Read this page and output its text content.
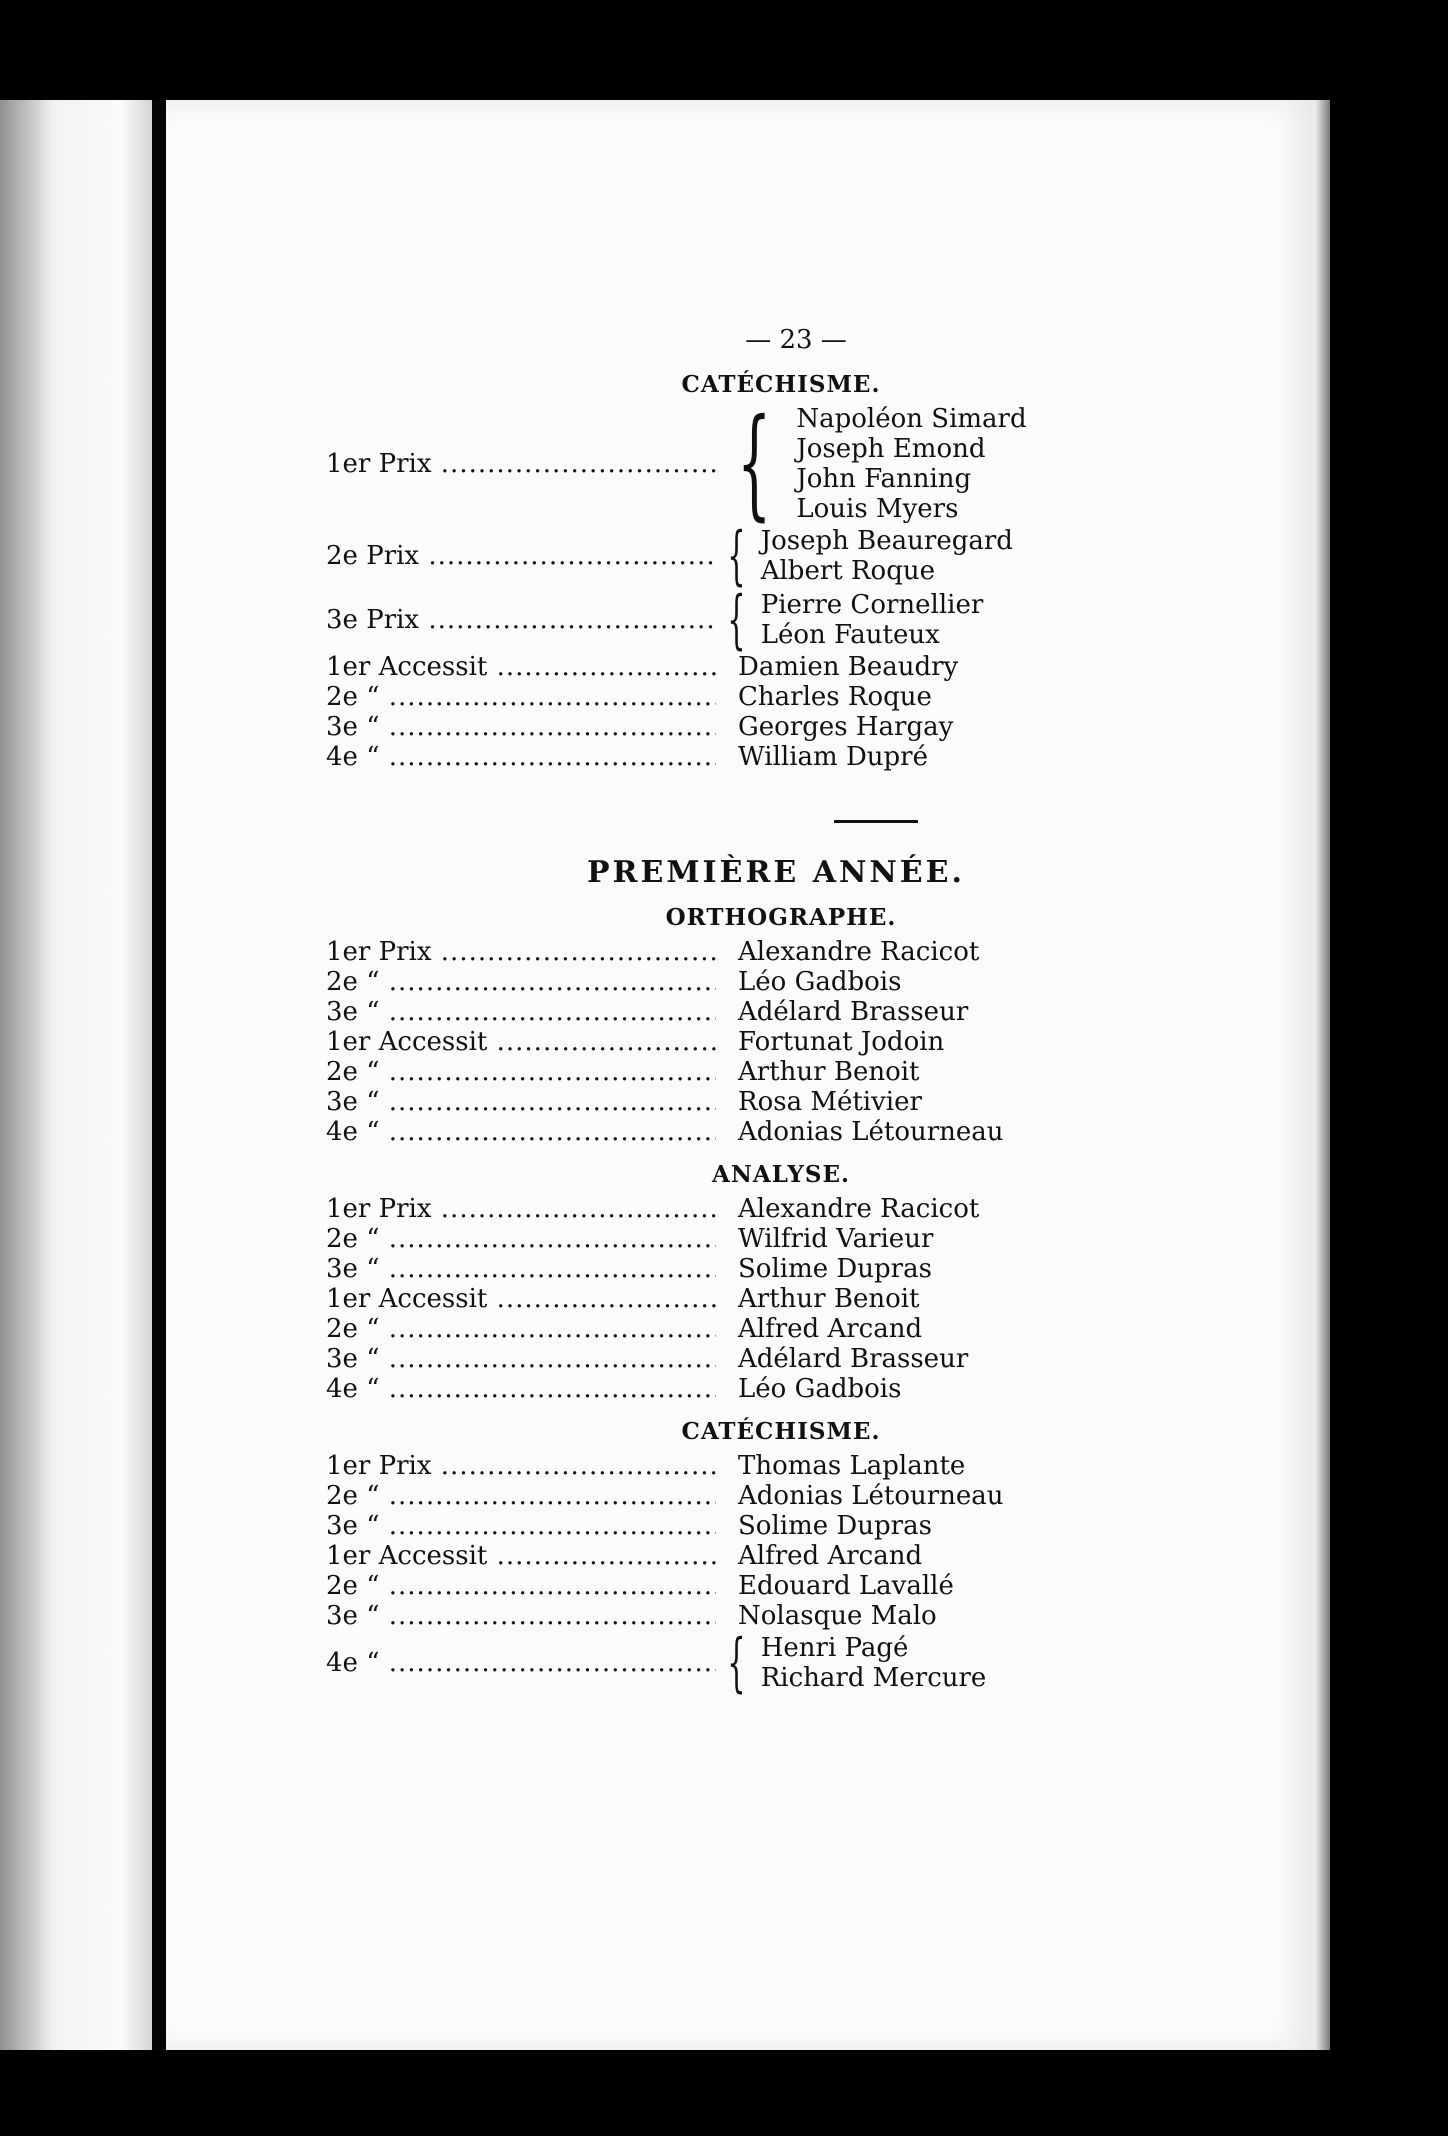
— 23 —
CATÉCHISME.
1er Prix .....	{ Napoléon Simard
Joseph Emond
John Fanning
Louis Myers
2e Prix .....	{ Joseph Beauregard
Albert Roque
3e Prix .....	{ Pierre Cornellier
Léon Fauteux
1er Accessit .....	Damien Beaudry
2e “ .....	Charles Roque
3e “ .....	Georges Hargay
4e “ .....	William Dupré
PREMIÈRE ANNÉE.
ORTHOGRAPHE.
1er Prix .....	Alexandre Racicot
2e “ .....	Léo Gadbois
3e “ .....	Adélard Brasseur
1er Accessit .....	Fortunat Jodoin
2e “ .....	Arthur Benoit
3e “ .....	Rosa Métivier
4e “ .....	Adonias Létourneau
ANALYSE.
1er Prix .....	Alexandre Racicot
2e “ .....	Wilfrid Varieur
3e “ .....	Solime Dupras
1er Accessit .....	Arthur Benoit
2e “ .....	Alfred Arcand
3e “ .....	Adélard Brasseur
4e “ .....	Léo Gadbois
CATÉCHISME.
1er Prix .....	Thomas Laplante
2e “ .....	Adonias Létourneau
3e “ .....	Solime Dupras
1er Accessit .....	Alfred Arcand
2e “ .....	Edouard Lavallé
3e “ .....	Nolasque Malo
4e “ .....	{ Henri Pagé
Richard Mercure
